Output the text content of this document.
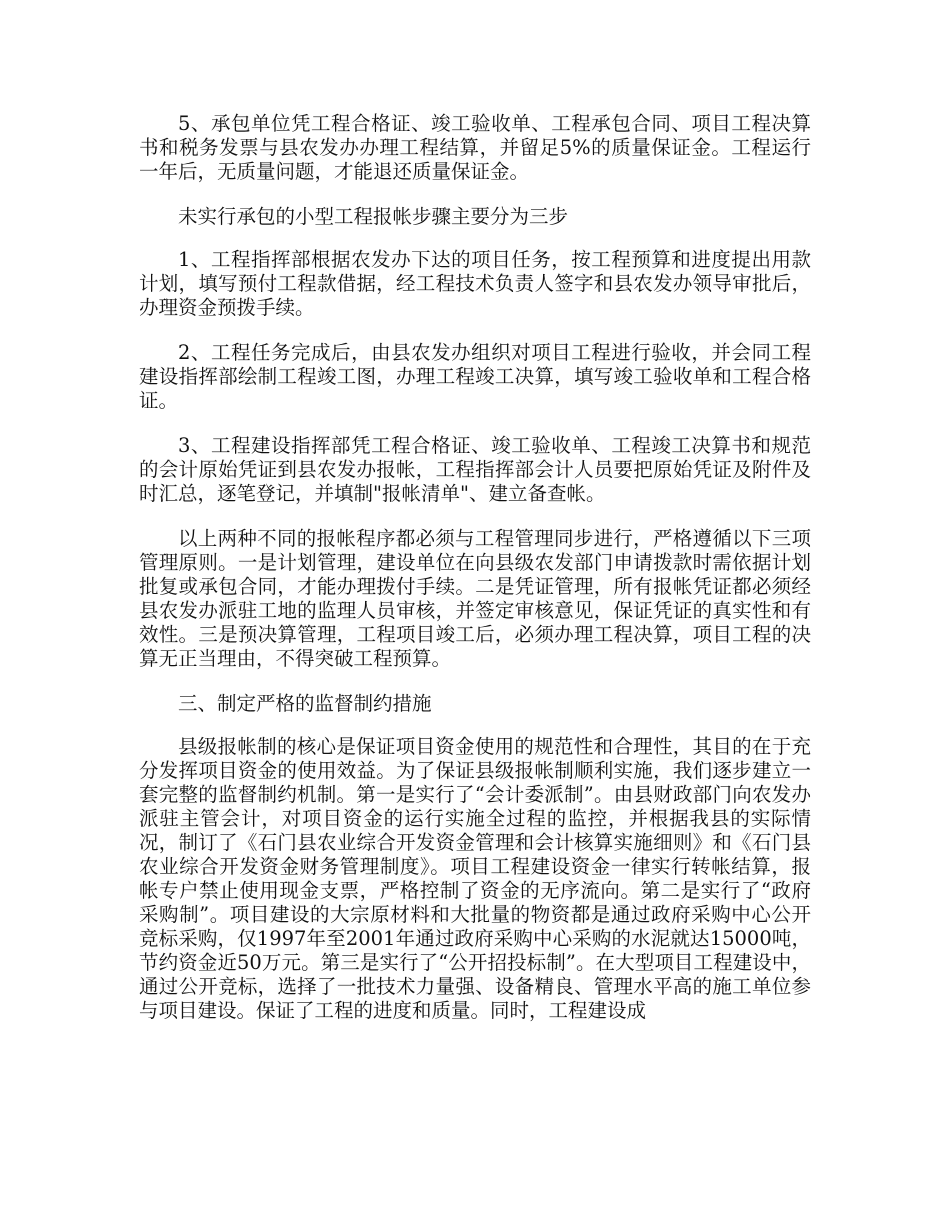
5、承包单位凭工程合格证、竣工验收单、工程承包合同、项目工程决算书和税务发票与县农发办办理工程结算，并留足5%的质量保证金。工程运行一年后，无质量问题，才能退还质量保证金。

未实行承包的小型工程报帐步骤主要分为三步

1、工程指挥部根据农发办下达的项目任务，按工程预算和进度提出用款计划，填写预付工程款借据，经工程技术负责人签字和县农发办领导审批后，办理资金预拨手续。

2、工程任务完成后，由县农发办组织对项目工程进行验收，并会同工程建设指挥部绘制工程竣工图，办理工程竣工决算，填写竣工验收单和工程合格证。

3、工程建设指挥部凭工程合格证、竣工验收单、工程竣工决算书和规范的会计原始凭证到县农发办报帐，工程指挥部会计人员要把原始凭证及附件及时汇总，逐笔登记，并填制"报帐清单"、建立备查帐。

以上两种不同的报帐程序都必须与工程管理同步进行，严格遵循以下三项管理原则。一是计划管理，建设单位在向县级农发部门申请拨款时需依据计划批复或承包合同，才能办理拨付手续。二是凭证管理，所有报帐凭证都必须经县农发办派驻工地的监理人员审核，并签定审核意见，保证凭证的真实性和有效性。三是预决算管理，工程项目竣工后，必须办理工程决算，项目工程的决算无正当理由，不得突破工程预算。

三、制定严格的监督制约措施

县级报帐制的核心是保证项目资金使用的规范性和合理性，其目的在于充分发挥项目资金的使用效益。为了保证县级报帐制顺利实施，我们逐步建立一套完整的监督制约机制。第一是实行了“会计委派制”。由县财政部门向农发办派驻主管会计，对项目资金的运行实施全过程的监控，并根据我县的实际情况，制订了《石门县农业综合开发资金管理和会计核算实施细则》和《石门县农业综合开发资金财务管理制度》。项目工程建设资金一律实行转帐结算，报帐专户禁止使用现金支票，严格控制了资金的无序流向。第二是实行了“政府采购制”。项目建设的大宗原材料和大批量的物资都是通过政府采购中心公开竞标采购，仅1997年至2001年通过政府采购中心采购的水泥就达15000吨，节约资金近50万元。第三是实行了“公开招投标制”。在大型项目工程建设中，通过公开竞标，选择了一批技术力量强、设备精良、管理水平高的施工单位参与项目建设。保证了工程的进度和质量。同时，工程建设成
